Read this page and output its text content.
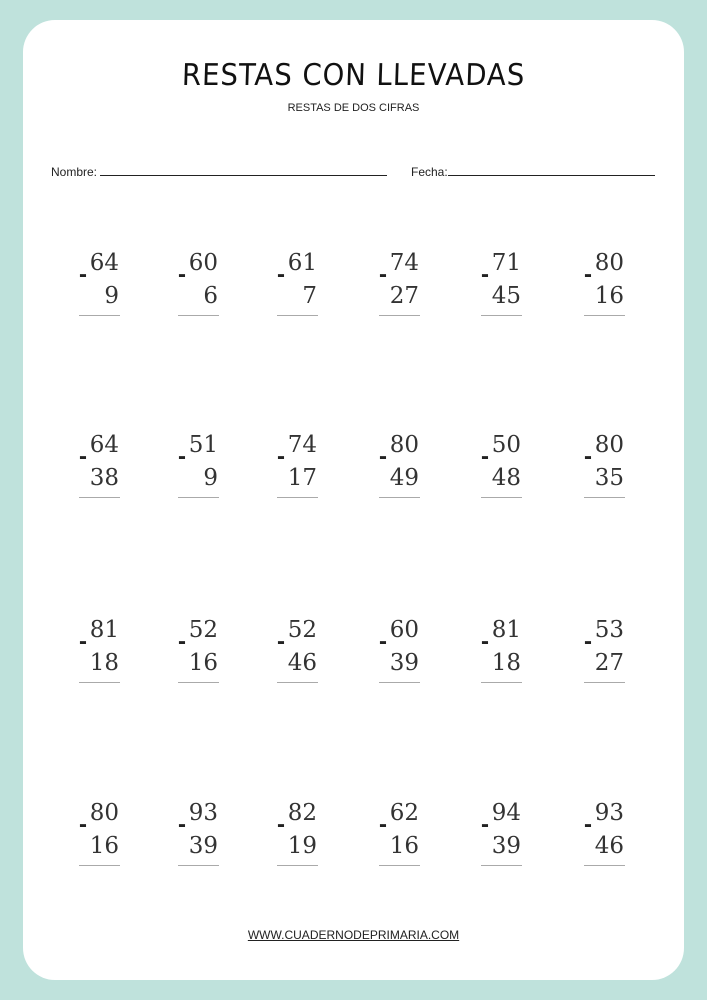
RESTAS CON LLEVADAS
RESTAS DE DOS CIFRAS
Nombre:	Fecha:
64
-
9
60
-
6
61
-
7
74
-
27
71
-
45
80
-
16
64
-
38
51
-
9
74
-
17
80
-
49
50
-
48
80
-
35
81
-
18
52
-
16
52
-
46
60
-
39
81
-
18
53
-
27
80
-
16
93
-
39
82
-
19
62
-
16
94
-
39
93
-
46
WWW.CUADERNODEPRIMARIA.COM
